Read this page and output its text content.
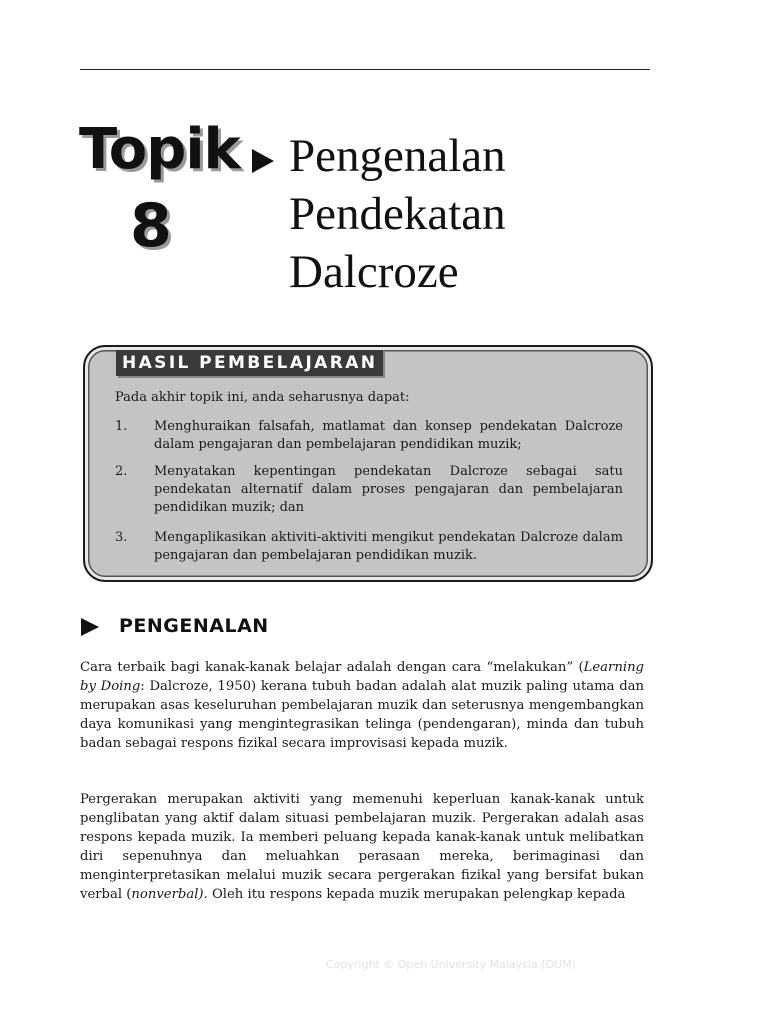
Topik
8
Pengenalan
Pendekatan
Dalcroze
HASIL PEMBELAJARAN
Pada akhir topik ini, anda seharusnya dapat:
1. Menghuraikan falsafah, matlamat dan konsep pendekatan Dalcroze dalam pengajaran dan pembelajaran pendidikan muzik;
2. Menyatakan kepentingan pendekatan Dalcroze sebagai satu pendekatan alternatif dalam proses pengajaran dan pembelajaran pendidikan muzik; dan
3. Mengaplikasikan aktiviti-aktiviti mengikut pendekatan Dalcroze dalam pengajaran dan pembelajaran pendidikan muzik.
PENGENALAN
Cara terbaik bagi kanak-kanak belajar adalah dengan cara “melakukan” (Learning by Doing: Dalcroze, 1950) kerana tubuh badan adalah alat muzik paling utama dan merupakan asas keseluruhan pembelajaran muzik dan seterusnya mengembangkan daya komunikasi yang mengintegrasikan telinga (pendengaran), minda dan tubuh badan sebagai respons fizikal secara improvisasi kepada muzik.
Pergerakan merupakan aktiviti yang memenuhi keperluan kanak-kanak untuk penglibatan yang aktif dalam situasi pembelajaran muzik. Pergerakan adalah asas respons kepada muzik. Ia memberi peluang kepada kanak-kanak untuk melibatkan diri sepenuhnya dan meluahkan perasaan mereka, berimaginasi dan menginterpretasikan melalui muzik secara pergerakan fizikal yang bersifat bukan verbal (nonverbal). Oleh itu respons kepada muzik merupakan pelengkap kepada
Copyright © Open University Malaysia (OUM)
